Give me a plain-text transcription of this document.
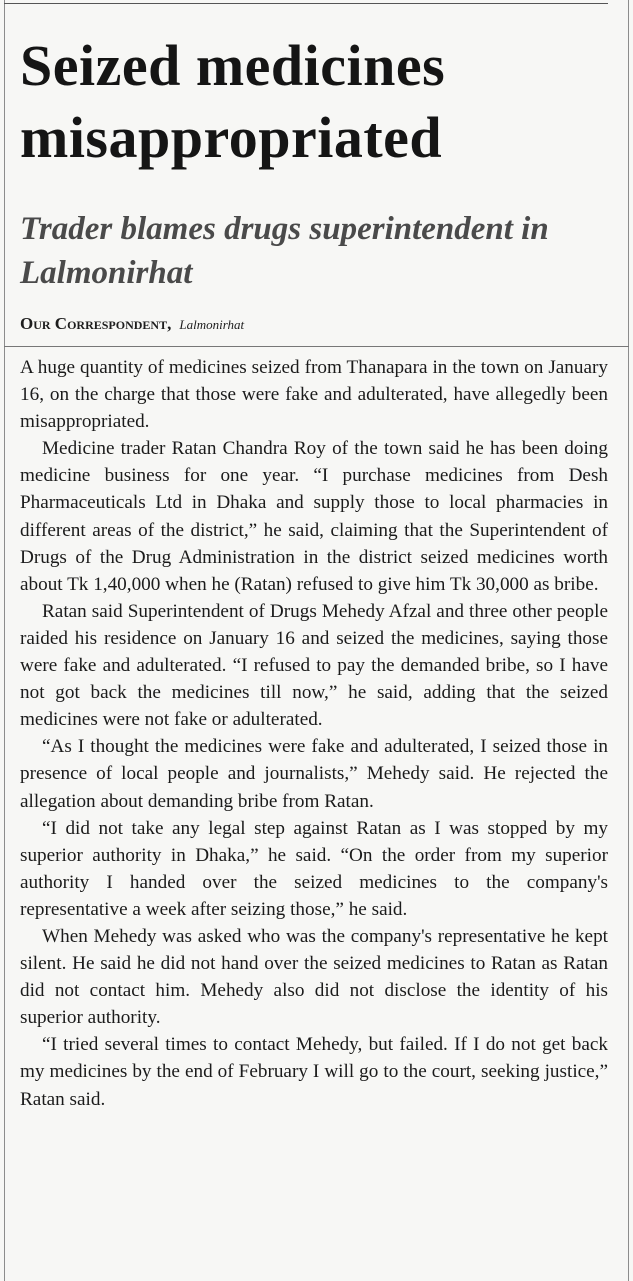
Seized medicines misappropriated
Trader blames drugs superintendent in Lalmonirhat
Our Correspondent, Lalmonirhat

A huge quantity of medicines seized from Thanapara in the town on January 16, on the charge that those were fake and adulterated, have allegedly been misappropriated.

Medicine trader Ratan Chandra Roy of the town said he has been doing medicine business for one year. “I purchase medicines from Desh Pharmaceuticals Ltd in Dhaka and supply those to local pharmacies in different areas of the district,” he said, claiming that the Superintendent of Drugs of the Drug Administration in the district seized medicines worth about Tk 1,40,000 when he (Ratan) refused to give him Tk 30,000 as bribe.

Ratan said Superintendent of Drugs Mehedy Afzal and three other people raided his residence on January 16 and seized the medicines, saying those were fake and adulterated. “I refused to pay the demanded bribe, so I have not got back the medicines till now,” he said, adding that the seized medicines were not fake or adulterated.

“As I thought the medicines were fake and adulterated, I seized those in presence of local people and journalists,” Mehedy said. He rejected the allegation about demanding bribe from Ratan.

“I did not take any legal step against Ratan as I was stopped by my superior authority in Dhaka,” he said. “On the order from my superior authority I handed over the seized medicines to the company's representative a week after seizing those,” he said.

When Mehedy was asked who was the company's representative he kept silent. He said he did not hand over the seized medicines to Ratan as Ratan did not contact him. Mehedy also did not disclose the identity of his superior authority.

“I tried several times to contact Mehedy, but failed. If I do not get back my medicines by the end of February I will go to the court, seeking justice,” Ratan said.
